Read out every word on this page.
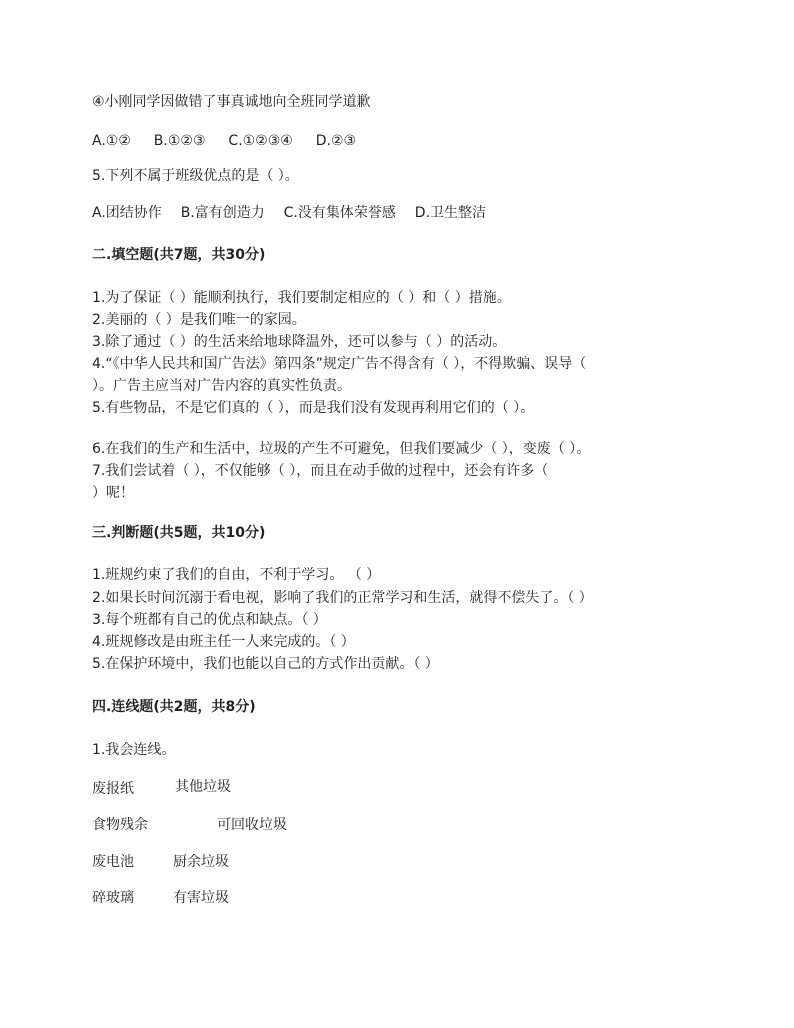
④小刚同学因做错了事真诚地向全班同学道歉
A.①② B.①②③ C.①②③④ D.②③
5.下列不属于班级优点的是（ ）。
A.团结协作 B.富有创造力 C.没有集体荣誉感 D.卫生整洁
二.填空题(共7题，共30分)
1.为了保证（ ）能顺利执行，我们要制定相应的（ ）和（ ）措施。
2.美丽的（ ）是我们唯一的家园。
3.除了通过（ ）的生活来给地球降温外，还可以参与（ ）的活动。
4.“《中华人民共和国广告法》第四条”规定广告不得含有（ ），不得欺骗、误导（
）。广告主应当对广告内容的真实性负责。
5.有些物品，不是它们真的（ ），而是我们没有发现再利用它们的（ ）。
6.在我们的生产和生活中，垃圾的产生不可避免，但我们要减少（ ），变废（ ）。
7.我们尝试着（ ），不仅能够（ ），而且在动手做的过程中，还会有许多（
）呢！
三.判断题(共5题，共10分)
1.班规约束了我们的自由，不利于学习。 （ ）
2.如果长时间沉溺于看电视，影响了我们的正常学习和生活，就得不偿失了。（ ）
3.每个班都有自己的优点和缺点。（ ）
4.班规修改是由班主任一人来完成的。（ ）
5.在保护环境中，我们也能以自己的方式作出贡献。（ ）
四.连线题(共2题，共8分)
1.我会连线。
废报纸	其他垃圾
食物残余	可回收垃圾
废电池	厨余垃圾
碎玻璃	有害垃圾
